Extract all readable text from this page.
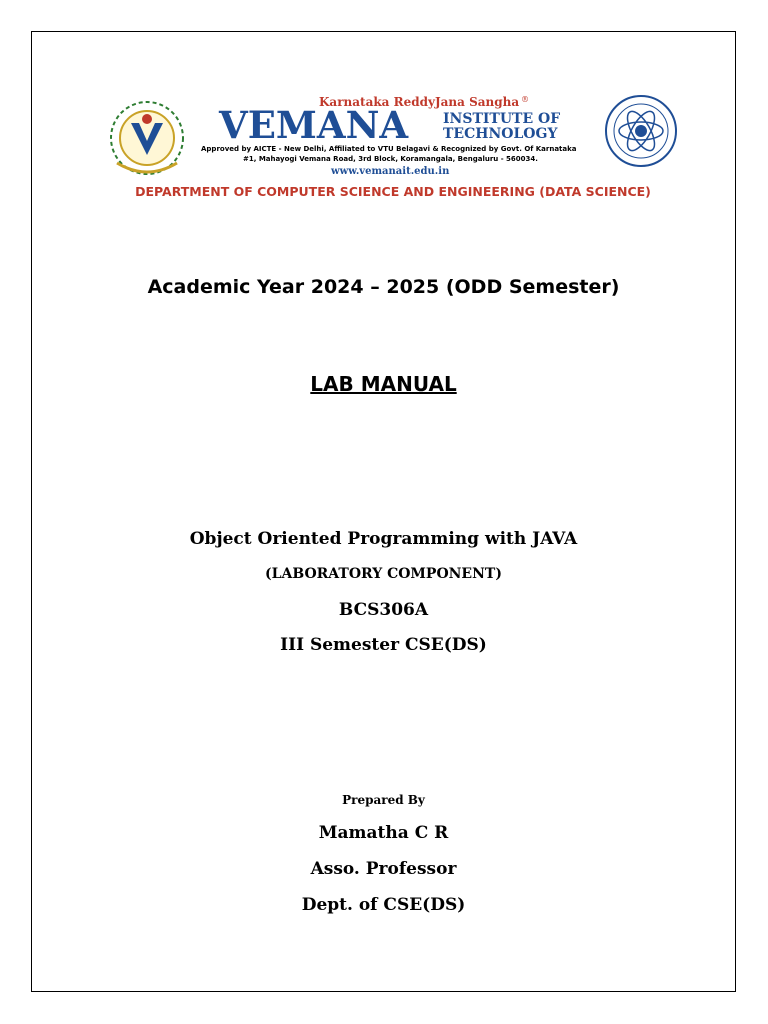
Karnataka ReddyJana Sangha ®
VEMANA INSTITUTE OF
TECHNOLOGY
Approved by AICTE - New Delhi, Affiliated to VTU Belagavi & Recognized by Govt. Of Karnataka
#1, Mahayogi Vemana Road, 3rd Block, Koramangala, Bengaluru - 560034.
www.vemanait.edu.in
DEPARTMENT OF COMPUTER SCIENCE AND ENGINEERING (DATA SCIENCE)
Academic Year 2024 – 2025 (ODD Semester)
LAB MANUAL
Object Oriented Programming with JAVA
(LABORATORY COMPONENT)
BCS306A
III Semester CSE(DS)
Prepared By
Mamatha C R
Asso. Professor
Dept. of CSE(DS)
